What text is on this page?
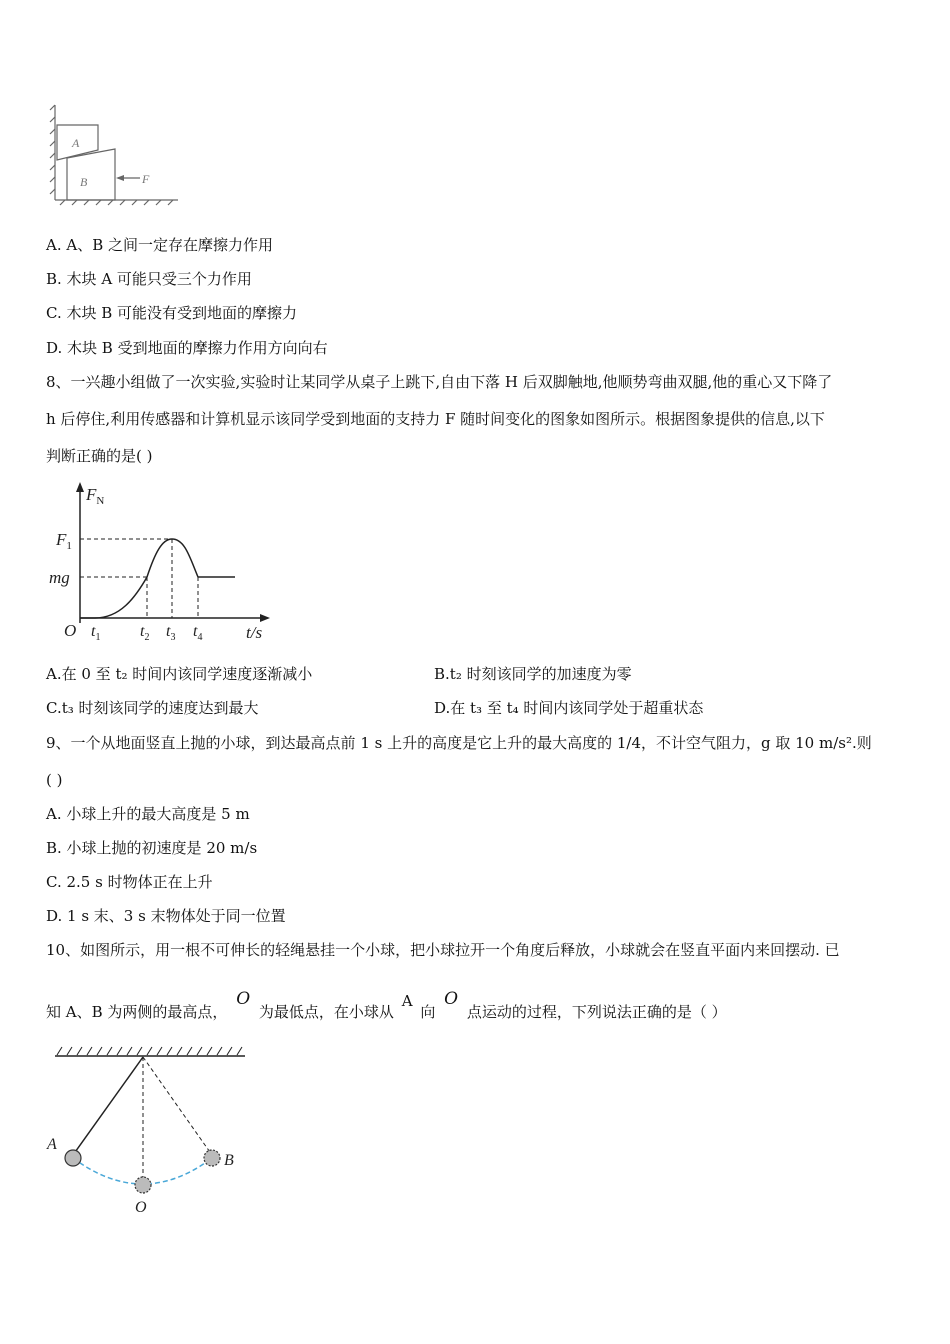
A
B	F
A. A、B 之间一定存在摩擦力作用
B. 木块 A 可能只受三个力作用
C. 木块 B 可能没有受到地面的摩擦力
D. 木块 B 受到地面的摩擦力作用方向向右
8、一兴趣小组做了一次实验,实验时让某同学从桌子上跳下,自由下落 H 后双脚触地,他顺势弯曲双腿,他的重心又下降了
h 后停住,利用传感器和计算机显示该同学受到地面的支持力 F 随时间变化的图象如图所示。根据图象提供的信息,以下
判断正确的是( )
$F_N$
$F_1$
mg
O $t_1$ $t_2$ $t_3$ $t_4$	t/s
A.在 0 至 t₂ 时间内该同学速度逐渐减小	B.t₂ 时刻该同学的加速度为零
C.t₃ 时刻该同学的速度达到最大	D.在 t₃ 至 t₄ 时间内该同学处于超重状态
9、一个从地面竖直上抛的小球，到达最高点前 1 s 上升的高度是它上升的最大高度的 1/4，不计空气阻力，g 取 10 m/s².则
( )
A. 小球上升的最大高度是 5 m
B. 小球上抛的初速度是 20 m/s
C. 2.5 s 时物体正在上升
D. 1 s 末、3 s 末物体处于同一位置
10、如图所示，用一根不可伸长的轻绳悬挂一个小球，把小球拉开一个角度后释放，小球就会在竖直平面内来回摆动. 已
知 A、B 为两侧的最高点， O 为最低点，在小球从 A 向 O 点运动的过程，下列说法正确的是（ ）
A
B
O
